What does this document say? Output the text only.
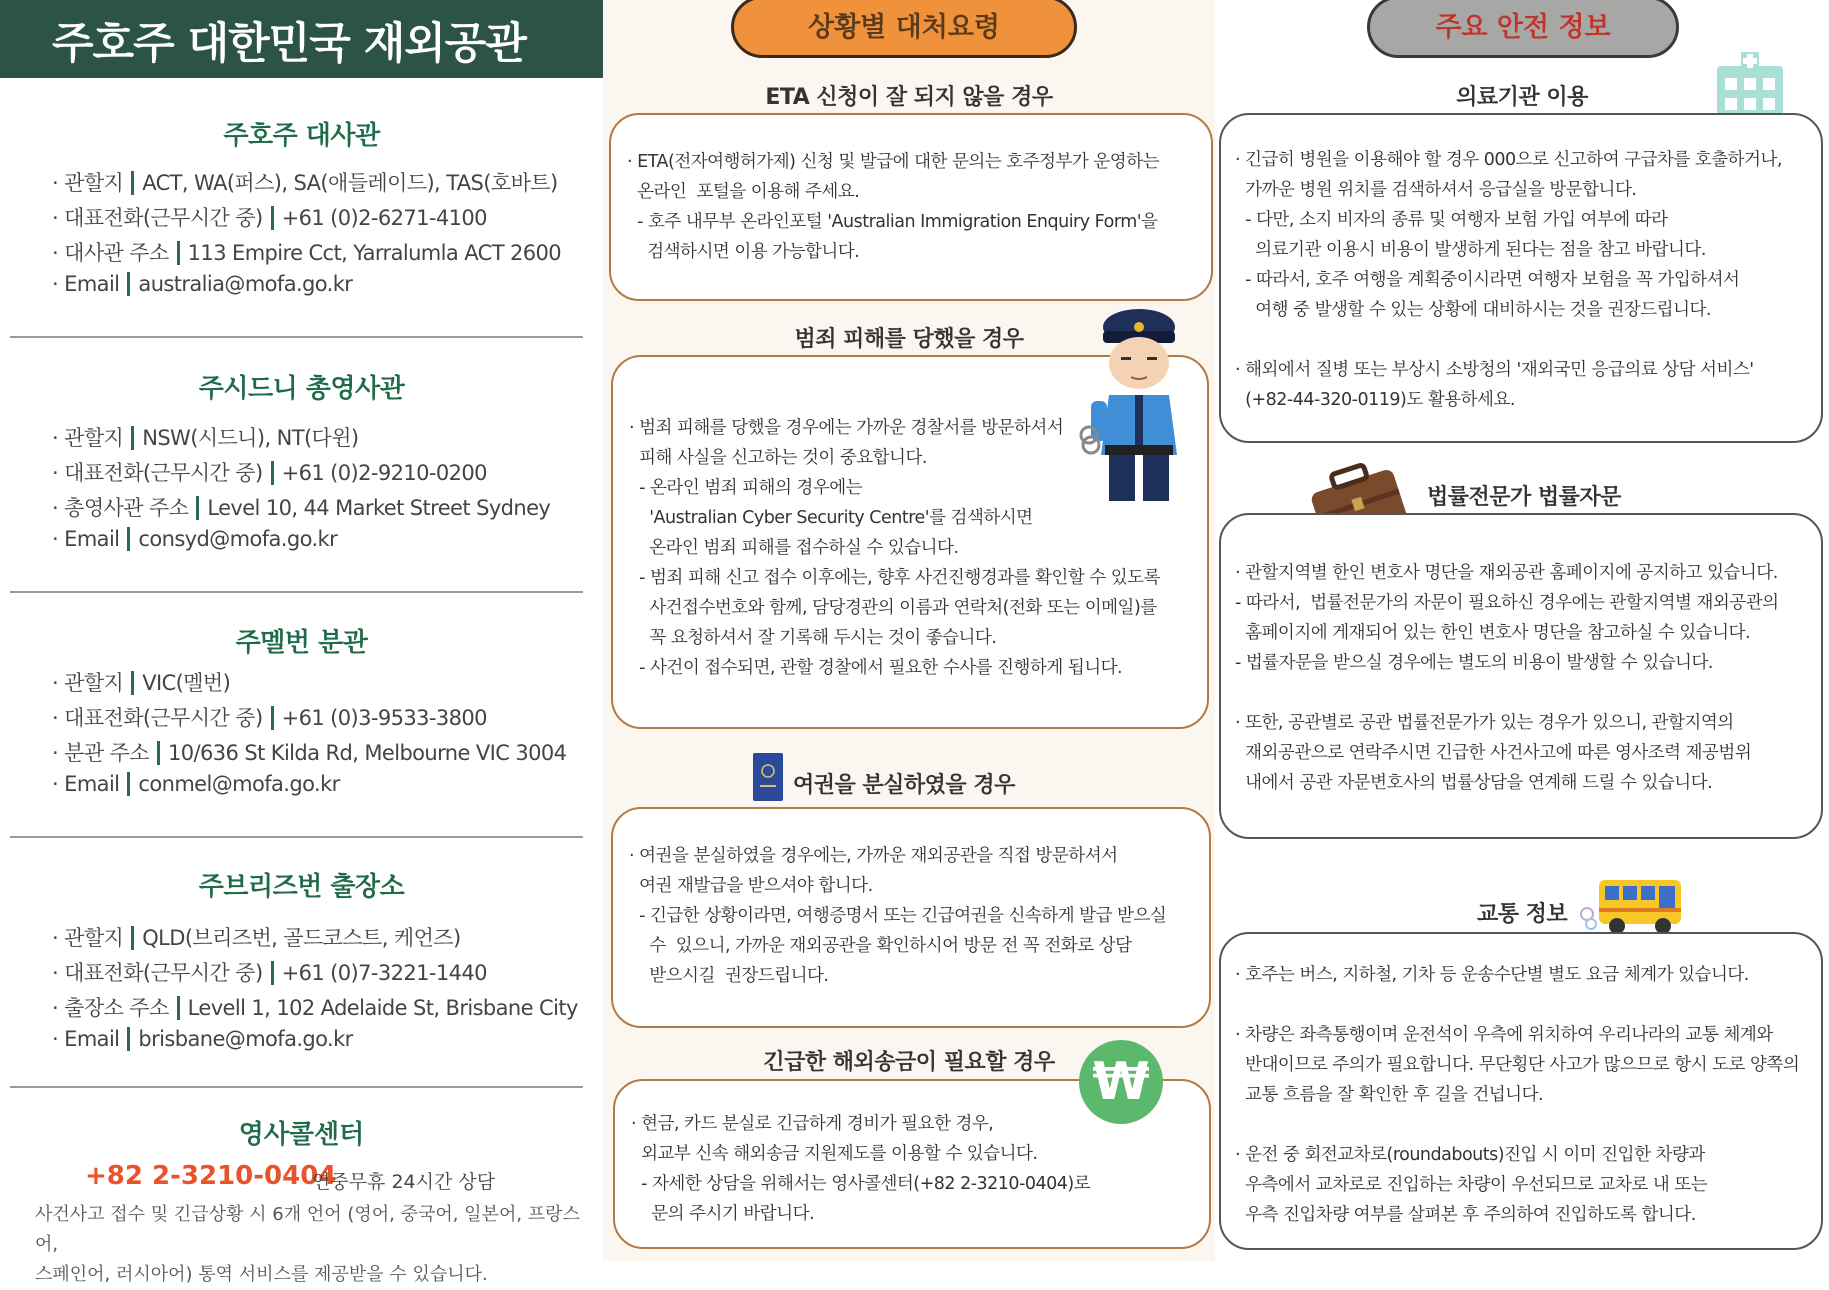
주호주 대한민국 재외공관
주호주 대사관
· 관할지 ACT, WA(퍼스), SA(애들레이드), TAS(호바트)
· 대표전화(근무시간 중) +61 (0)2-6271-4100
· 대사관 주소 113 Empire Cct, Yarralumla ACT 2600
· Email australia@mofa.go.kr
주시드니 총영사관
· 관할지 NSW(시드니), NT(다윈)
· 대표전화(근무시간 중) +61 (0)2-9210-0200
· 총영사관 주소 Level 10, 44 Market Street Sydney
· Email consyd@mofa.go.kr
주멜번 분관
· 관할지 VIC(멜번)
· 대표전화(근무시간 중) +61 (0)3-9533-3800
· 분관 주소 10/636 St Kilda Rd, Melbourne VIC 3004
· Email conmel@mofa.go.kr
주브리즈번 출장소
· 관할지 QLD(브리즈번, 골드코스트, 케언즈)
· 대표전화(근무시간 중) +61 (0)7-3221-1440
· 출장소 주소 Levell 1, 102 Adelaide St, Brisbane City
· Email brisbane@mofa.go.kr
영사콜센터
+82 2-3210-0404
연중무휴 24시간 상담
사건사고 접수 및 긴급상황 시 6개 언어 (영어, 중국어, 일본어, 프랑스어,
스페인어, 러시아어) 통역 서비스를 제공받을 수 있습니다.
상황별 대처요령
ETA 신청이 잘 되지 않을 경우
· ETA(전자여행허가제) 신청 및 발급에 대한 문의는 호주정부가 운영하는
온라인  포털을 이용해 주세요.
- 호주 내무부 온라인포털 'Australian Immigration Enquiry Form'을
검색하시면 이용 가능합니다.
범죄 피해를 당했을 경우
· 범죄 피해를 당했을 경우에는 가까운 경찰서를 방문하셔서
피해 사실을 신고하는 것이 중요합니다.
- 온라인 범죄 피해의 경우에는
'Australian Cyber Security Centre'를 검색하시면
온라인 범죄 피해를 접수하실 수 있습니다.
- 범죄 피해 신고 접수 이후에는, 향후 사건진행경과를 확인할 수 있도록
사건접수번호와 함께, 담당경관의 이름과 연락처(전화 또는 이메일)를
꼭 요청하셔서 잘 기록해 두시는 것이 좋습니다.
- 사건이 접수되면, 관할 경찰에서 필요한 수사를 진행하게 됩니다.
여권을 분실하였을 경우
· 여권을 분실하였을 경우에는, 가까운 재외공관을 직접 방문하셔서
여권 재발급을 받으셔야 합니다.
- 긴급한 상황이라면, 여행증명서 또는 긴급여권을 신속하게 발급 받으실
수  있으니, 가까운 재외공관을 확인하시어 방문 전 꼭 전화로 상담
받으시길  권장드립니다.
긴급한 해외송금이 필요할 경우
· 현금, 카드 분실로 긴급하게 경비가 필요한 경우,
외교부 신속 해외송금 지원제도를 이용할 수 있습니다.
- 자세한 상담을 위해서는 영사콜센터(+82 2-3210-0404)로
문의 주시기 바랍니다.
₩
주요 안전 정보
의료기관 이용
· 긴급히 병원을 이용해야 할 경우 000으로 신고하여 구급차를 호출하거나,
가까운 병원 위치를 검색하셔서 응급실을 방문합니다.
- 다만, 소지 비자의 종류 및 여행자 보험 가입 여부에 따라
의료기관 이용시 비용이 발생하게 된다는 점을 참고 바랍니다.
- 따라서, 호주 여행을 계획중이시라면 여행자 보험을 꼭 가입하셔서
여행 중 발생할 수 있는 상황에 대비하시는 것을 권장드립니다.
· 해외에서 질병 또는 부상시 소방청의 '재외국민 응급의료 상담 서비스'
(+82-44-320-0119)도 활용하세요.
법률전문가 법률자문
· 관할지역별 한인 변호사 명단을 재외공관 홈페이지에 공지하고 있습니다.
- 따라서,  법률전문가의 자문이 필요하신 경우에는 관할지역별 재외공관의
홈페이지에 게재되어 있는 한인 변호사 명단을 참고하실 수 있습니다.
- 법률자문을 받으실 경우에는 별도의 비용이 발생할 수 있습니다.
· 또한, 공관별로 공관 법률전문가가 있는 경우가 있으니, 관할지역의
재외공관으로 연락주시면 긴급한 사건사고에 따른 영사조력 제공범위
내에서 공관 자문변호사의 법률상담을 연계해 드릴 수 있습니다.
교통 정보
· 호주는 버스, 지하철, 기차 등 운송수단별 별도 요금 체계가 있습니다.
· 차량은 좌측통행이며 운전석이 우측에 위치하여 우리나라의 교통 체계와
반대이므로 주의가 필요합니다. 무단횡단 사고가 많으므로 항시 도로 양쪽의
교통 흐름을 잘 확인한 후 길을 건넙니다.
· 운전 중 회전교차로(roundabouts)진입 시 이미 진입한 차량과
우측에서 교차로로 진입하는 차량이 우선되므로 교차로 내 또는
우측 진입차량 여부를 살펴본 후 주의하여 진입하도록 합니다.
